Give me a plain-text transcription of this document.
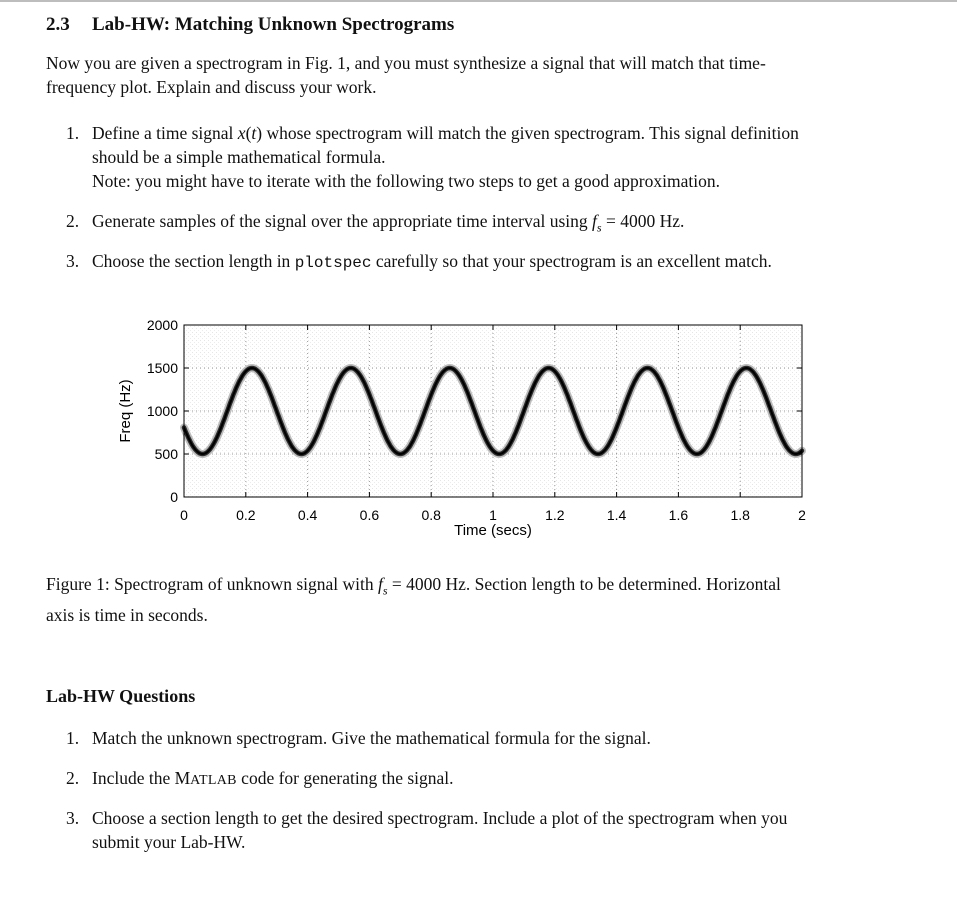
2.3 Lab-HW: Matching Unknown Spectrograms
Now you are given a spectrogram in Fig. 1, and you must synthesize a signal that will match that time-
frequency plot. Explain and discuss your work.
1. Define a time signal x(t) whose spectrogram will match the given spectrogram. This signal definition
should be a simple mathematical formula.
Note: you might have to iterate with the following two steps to get a good approximation.
2. Generate samples of the signal over the appropriate time interval using $f_s = 4000$ Hz.
3. Choose the section length in plotspec carefully so that your spectrogram is an excellent match.
0	0.2	0.4	0.6	0.8	1	1.2	1.4	1.6	1.8	2
0
500
1000
1500
2000
Time (secs)
Freq (Hz)
Figure 1: Spectrogram of unknown signal with $f_s = 4000$ Hz. Section length to be determined. Horizontal
axis is time in seconds.
Lab-HW Questions
1. Match the unknown spectrogram. Give the mathematical formula for the signal.
2. Include the MATLAB code for generating the signal.
3. Choose a section length to get the desired spectrogram. Include a plot of the spectrogram when you
submit your Lab-HW.
